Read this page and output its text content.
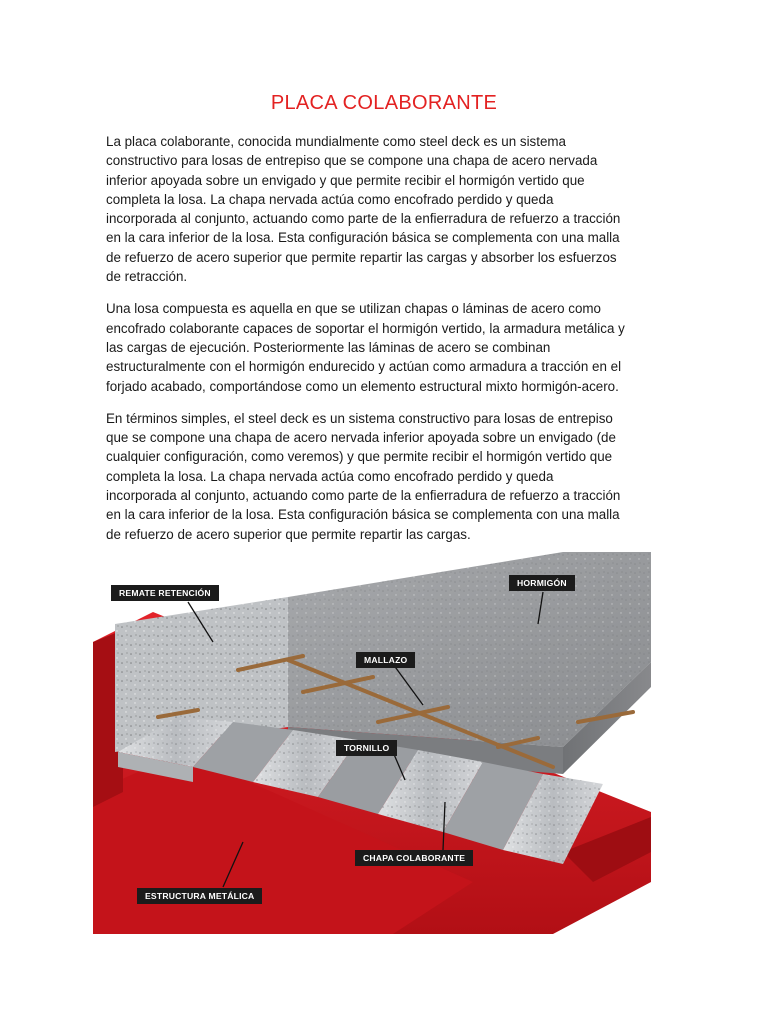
PLACA COLABORANTE

La placa colaborante, conocida mundialmente como steel deck es un sistema constructivo para losas de entrepiso que se compone una chapa de acero nervada inferior apoyada sobre un envigado y que permite recibir el hormigón vertido que completa la losa. La chapa nervada actúa como encofrado perdido y queda incorporada al conjunto, actuando como parte de la enfierradura de refuerzo a tracción en la cara inferior de la losa. Esta configuración básica se complementa con una malla de refuerzo de acero superior que permite repartir las cargas y absorber los esfuerzos de retracción.

Una losa compuesta es aquella en que se utilizan chapas o láminas de acero como encofrado colaborante capaces de soportar el hormigón vertido, la armadura metálica y las cargas de ejecución. Posteriormente las láminas de acero se combinan estructuralmente con el hormigón endurecido y actúan como armadura a tracción en el forjado acabado, comportándose como un elemento estructural mixto hormigón-acero.

En términos simples, el steel deck es un sistema constructivo para losas de entrepiso que se compone una chapa de acero nervada inferior apoyada sobre un envigado (de cualquier configuración, como veremos) y que permite recibir el hormigón vertido que completa la losa. La chapa nervada actúa como encofrado perdido y queda incorporada al conjunto, actuando como parte de la enfierradura de refuerzo a tracción en la cara inferior de la losa. Esta configuración básica se complementa con una malla de refuerzo de acero superior que permite repartir las cargas.

REMATE RETENCIÓN
HORMIGÓN
MALLAZO
TORNILLO
CHAPA COLABORANTE
ESTRUCTURA METÁLICA
